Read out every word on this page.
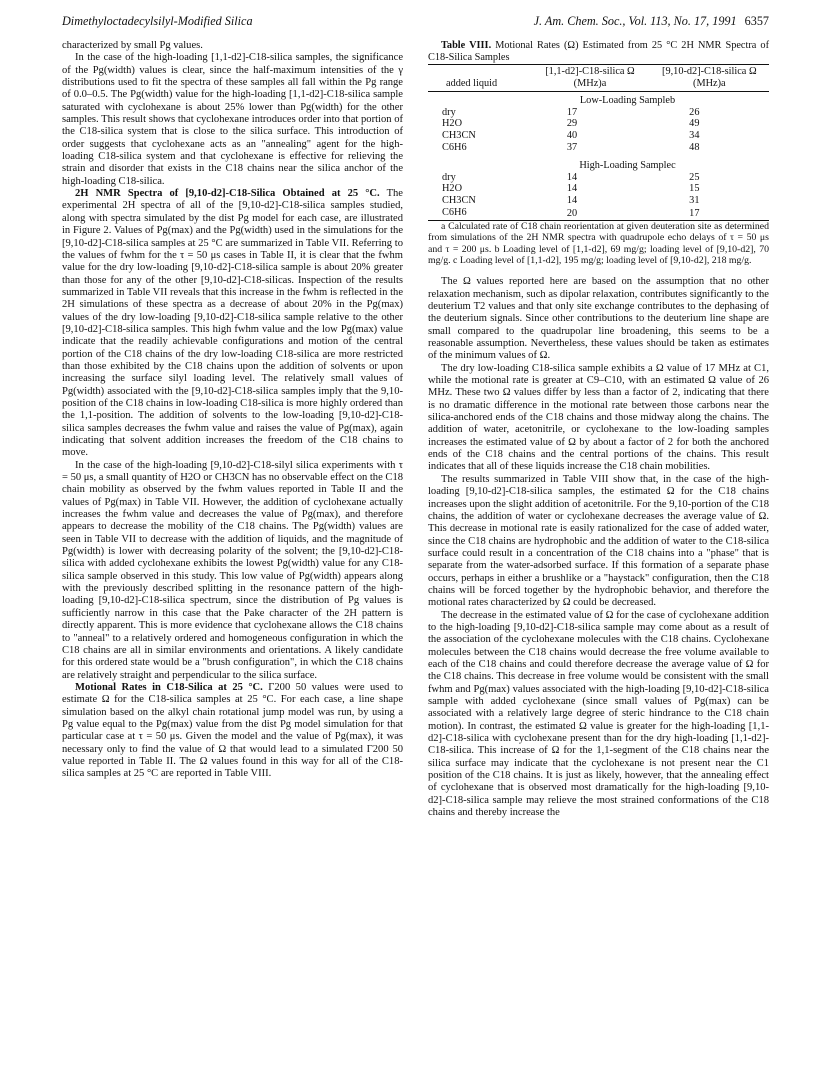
Dimethyloctadecylsilyl-Modified Silica	J. Am. Chem. Soc., Vol. 113, No. 17, 1991 6357

characterized by small Pg values.

In the case of the high-loading [1,1-d2]-C18-silica samples, the significance of the Pg(width) values is clear, since the half-maximum intensities of the γ distributions used to fit the spectra of these samples all fall within the Pg range of 0.0–0.5. The Pg(width) value for the high-loading [1,1-d2]-C18-silica sample saturated with cyclohexane is about 25% lower than Pg(width) for the other samples. This result shows that cyclohexane introduces order into that portion of the C18-silica system that is close to the silica surface. This introduction of order suggests that cyclohexane acts as an "annealing" agent for the high-loading C18-silica system and that cyclohexane is effective for relieving the strain and disorder that exists in the C18 chains near the silica anchor of the high-loading C18-silica.

2H NMR Spectra of [9,10-d2]-C18-Silica Obtained at 25 °C. The experimental 2H spectra of all of the [9,10-d2]-C18-silica samples studied, along with spectra simulated by the dist Pg model for each case, are illustrated in Figure 2. Values of Pg(max) and the Pg(width) used in the simulations for the [9,10-d2]-C18-silica samples at 25 °C are summarized in Table VII. Referring to the values of fwhm for the τ = 50 μs cases in Table II, it is clear that the fwhm value for the dry low-loading [9,10-d2]-C18-silica sample is about 20% greater than those for any of the other [9,10-d2]-C18-silicas. Inspection of the results summarized in Table VII reveals that this increase in the fwhm is reflected in the 2H simulations of these spectra as a decrease of about 20% in the Pg(max) values of the dry low-loading [9,10-d2]-C18-silica sample relative to the other [9,10-d2]-C18-silica samples. This high fwhm value and the low Pg(max) value indicate that the readily achievable configurations and motion of the central portion of the C18 chains of the dry low-loading C18-silica are more restricted than those exhibited by the C18 chains upon the addition of solvents or upon increasing the surface silyl loading level. The relatively small values of Pg(width) associated with the [9,10-d2]-C18-silica samples imply that the 9,10-position of the C18 chains in low-loading C18-silica is more highly ordered than the 1,1-position. The addition of solvents to the low-loading [9,10-d2]-C18-silica samples decreases the fwhm value and raises the value of Pg(max), again indicating that solvent addition increases the freedom of the C18 chains to move.

In the case of the high-loading [9,10-d2]-C18-silyl silica experiments with τ = 50 μs, a small quantity of H2O or CH3CN has no observable effect on the C18 chain mobility as observed by the fwhm values reported in Table II and the values of Pg(max) in Table VII. However, the addition of cyclohexane actually increases the fwhm value and decreases the value of Pg(max), and therefore appears to decrease the mobility of the C18 chains. The Pg(width) values are seen in Table VII to decrease with the addition of liquids, and the magnitude of Pg(width) is lower with decreasing polarity of the solvent; the [9,10-d2]-C18-silica with added cyclohexane exhibits the lowest Pg(width) value for any C18-silica sample observed in this study. This low value of Pg(width) appears along with the previously described splitting in the resonance pattern of the high-loading [9,10-d2]-C18-silica spectrum, since the distribution of Pg values is sufficiently narrow in this case that the Pake character of the 2H pattern is directly apparent. This is more evidence that cyclohexane allows the C18 chains to "anneal" to a relatively ordered and homogeneous configuration in which the C18 chains are all in similar environments and orientations. A likely candidate for this ordered state would be a "brush configuration", in which the C18 chains are relatively straight and perpendicular to the silica surface.

Motional Rates in C18-Silica at 25 °C. Γ200 50 values were used to estimate Ω for the C18-silica samples at 25 °C. For each case, a line shape simulation based on the alkyl chain rotational jump model was run, by using a Pg value equal to the Pg(max) value from the dist Pg model simulation for that particular case at τ = 50 μs. Given the model and the value of Pg(max), it was necessary only to find the value of Ω that would lead to a simulated Γ200 50 value reported in Table II. The Ω values found in this way for all of the C18-silica samples at 25 °C are reported in Table VIII.

Table VIII. Motional Rates (Ω) Estimated from 25 °C 2H NMR Spectra of C18-Silica Samples

added liquid	[1,1-d2]-C18-silica Ω (MHz)a	[9,10-d2]-C18-silica Ω (MHz)a
Low-Loading Sampleb		
dry	17	26
H2O	29	49
CH3CN	40	34
C6H6	37	48
High-Loading Samplec		
dry	14	25
H2O	14	15
CH3CN	14	31
C6H6	20	17

a Calculated rate of C18 chain reorientation at given deuteration site as determined from simulations of the 2H NMR spectra with quadrupole echo delays of τ = 50 μs and τ = 200 μs. b Loading level of [1,1-d2], 69 mg/g; loading level of [9,10-d2], 70 mg/g. c Loading level of [1,1-d2], 195 mg/g; loading level of [9,10-d2], 218 mg/g.

The Ω values reported here are based on the assumption that no other relaxation mechanism, such as dipolar relaxation, contributes significantly to the deuterium T2 values and that only site exchange contributes to the dephasing of the deuterium signals. Since other contributions to the deuterium line shape are small compared to the quadrupolar line broadening, this seems to be a reasonable assumption. Nevertheless, these values should be taken as estimates of the minimum values of Ω.

The dry low-loading C18-silica sample exhibits a Ω value of 17 MHz at C1, while the motional rate is greater at C9–C10, with an estimated Ω value of 26 MHz. These two Ω values differ by less than a factor of 2, indicating that there is no dramatic difference in the motional rate between those carbons near the silica-anchored ends of the C18 chains and those midway along the chains. The addition of water, acetonitrile, or cyclohexane to the low-loading samples increases the estimated value of Ω by about a factor of 2 for both the anchored ends of the C18 chains and the central portions of the chains. This result indicates that all of these liquids increase the C18 chain mobilities.

The results summarized in Table VIII show that, in the case of the high-loading [9,10-d2]-C18-silica samples, the estimated Ω for the C18 chains increases upon the slight addition of acetonitrile. For the 9,10-portion of the C18 chains, the addition of water or cyclohexane decreases the average value of Ω. This decrease in motional rate is easily rationalized for the case of added water, since the C18 chains are hydrophobic and the addition of water to the C18-silica surface could result in a concentration of the C18 chains into a "phase" that is separate from the water-adsorbed surface. If this formation of a separate phase occurs, perhaps in either a brushlike or a "haystack" configuration, then the C18 chains will be forced together by the hydrophobic behavior, and therefore the motional rates characterized by Ω could be decreased.

The decrease in the estimated value of Ω for the case of cyclohexane addition to the high-loading [9,10-d2]-C18-silica sample may come about as a result of the association of the cyclohexane molecules with the C18 chains. Cyclohexane molecules between the C18 chains would decrease the free volume available to each of the C18 chains and could therefore decrease the average value of Ω for the C18 chains. This decrease in free volume would be consistent with the small fwhm and Pg(max) values associated with the high-loading [9,10-d2]-C18-silica sample with added cyclohexane (since small values of Pg(max) can be associated with a relatively large degree of steric hindrance to the C18 chain motion). In contrast, the estimated Ω value is greater for the high-loading [1,1-d2]-C18-silica with cyclohexane present than for the dry high-loading [1,1-d2]-C18-silica. This increase of Ω for the 1,1-segment of the C18 chains near the silica surface may indicate that the cyclohexane is not present near the C1 position of the C18 chains. It is just as likely, however, that the annealing effect of cyclohexane that is observed most dramatically for the high-loading [9,10-d2]-C18-silica sample may relieve the most strained conformations of the C18 chains and thereby increase the
